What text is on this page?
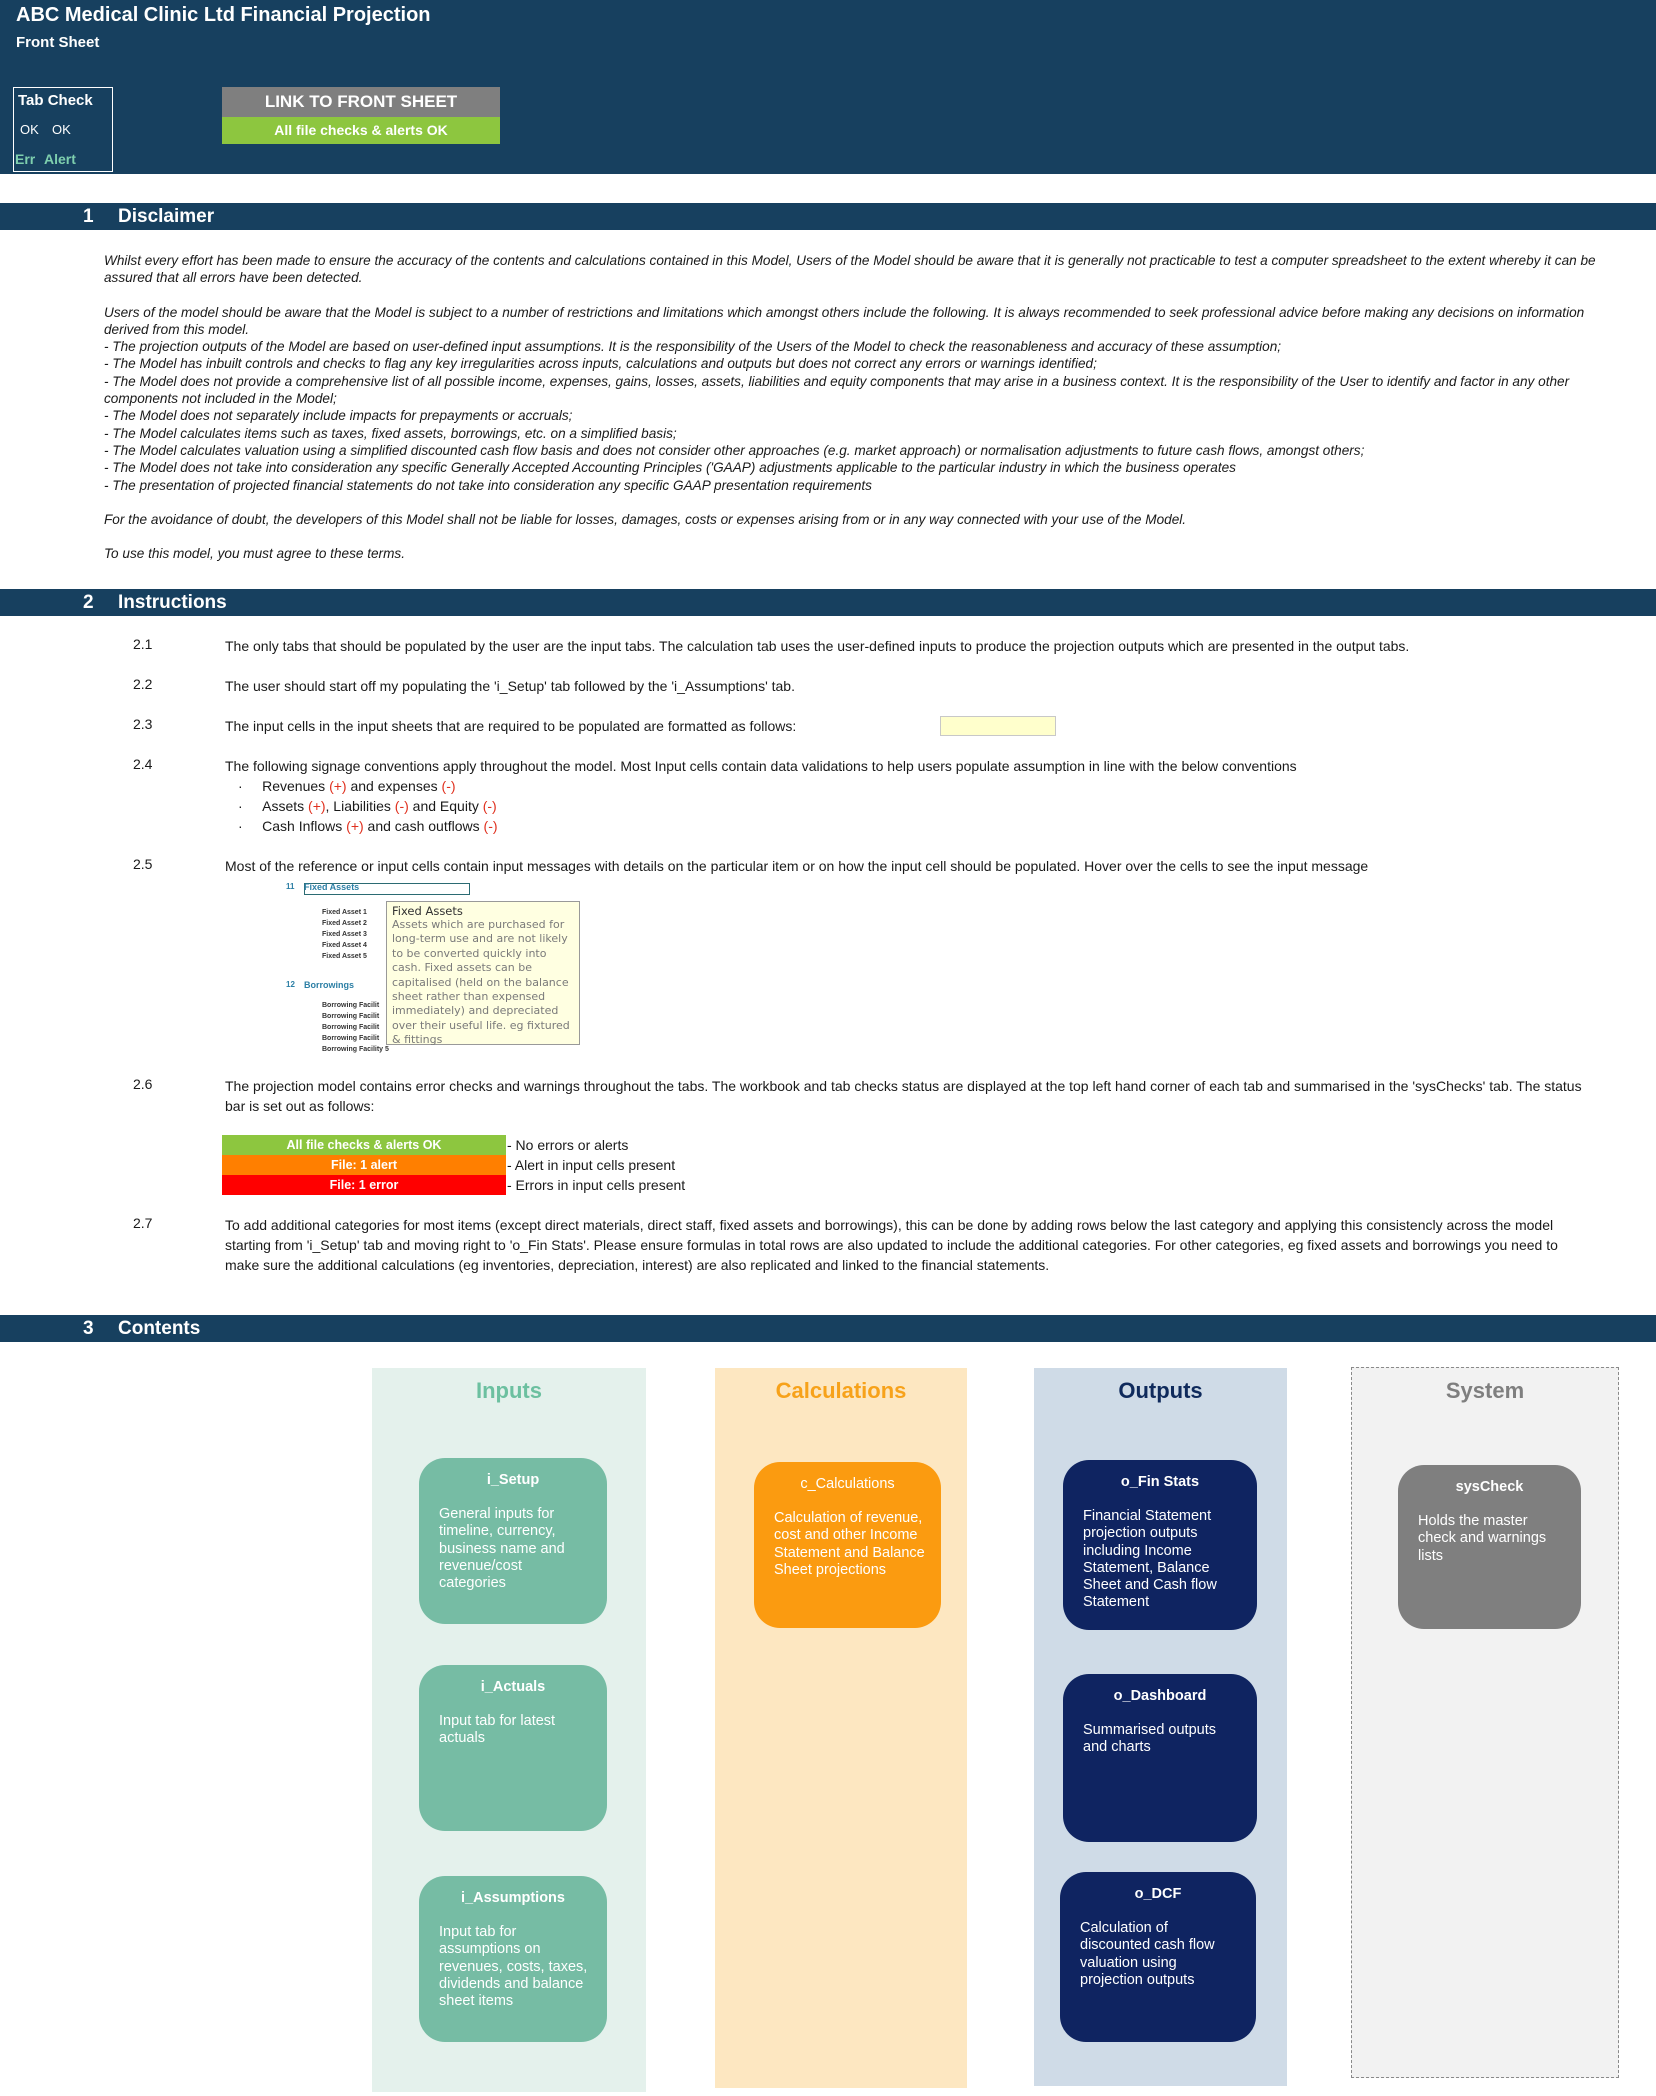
ABC Medical Clinic Ltd Financial Projection
Front Sheet
Tab Check
OK OK
Err Alert
LINK TO FRONT SHEET
All file checks & alerts OK
1 Disclaimer

Whilst every effort has been made to ensure the accuracy of the contents and calculations contained in this Model, Users of the Model should be aware that it is generally not practicable to test a computer spreadsheet to the extent whereby it can be assured that all errors have been detected.

Users of the model should be aware that the Model is subject to a number of restrictions and limitations which amongst others include the following. It is always recommended to seek professional advice before making any decisions on information derived from this model.

- The projection outputs of the Model are based on user-defined input assumptions. It is the responsibility of the Users of the Model to check the reasonableness and accuracy of these assumption;
- The Model has inbuilt controls and checks to flag any key irregularities across inputs, calculations and outputs but does not correct any errors or warnings identified;
- The Model does not provide a comprehensive list of all possible income, expenses, gains, losses, assets, liabilities and equity components that may arise in a business context. It is the responsibility of the User to identify and factor in any other components not included in the Model;
- The Model does not separately include impacts for prepayments or accruals;
- The Model calculates items such as taxes, fixed assets, borrowings, etc. on a simplified basis;
- The Model calculates valuation using a simplified discounted cash flow basis and does not consider other approaches (e.g. market approach) or normalisation adjustments to future cash flows, amongst others;
- The Model does not take into consideration any specific Generally Accepted Accounting Principles ('GAAP) adjustments applicable to the particular industry in which the business operates
- The presentation of projected financial statements do not take into consideration any specific GAAP presentation requirements

For the avoidance of doubt, the developers of this Model shall not be liable for losses, damages, costs or expenses arising from or in any way connected with your use of the Model.

To use this model, you must agree to these terms.

2 Instructions
2.1	The only tabs that should be populated by the user are the input tabs. The calculation tab uses the user-defined inputs to produce the projection outputs which are presented in the output tabs.
2.2	The user should start off my populating the 'i_Setup' tab followed by the 'i_Assumptions' tab.
2.3	The input cells in the input sheets that are required to be populated are formatted as follows:
2.4	The following signage conventions apply throughout the model. Most Input cells contain data validations to help users populate assumption in line with the below conventions
·     Revenues (+) and expenses (-)
·     Assets (+), Liabilities (-) and Equity (-)
·     Cash Inflows (+) and cash outflows (-)
2.5	Most of the reference or input cells contain input messages with details on the particular item or on how the input cell should be populated. Hover over the cells to see the input message
11 Fixed Assets
Fixed Asset 1
Fixed Asset 2
Fixed Asset 3
Fixed Asset 4
Fixed Asset 5
12 Borrowings
Borrowing Facilit
Borrowing Facilit
Borrowing Facilit
Borrowing Facilit
Borrowing Facility 5
Fixed Assets
Assets which are purchased for long-term use and are not likely to be converted quickly into cash. Fixed assets can be capitalised (held on the balance sheet rather than expensed immediately) and depreciated over their useful life. eg fixtured & fittings
2.6	The projection model contains error checks and warnings throughout the tabs. The workbook and tab checks status are displayed at the top left hand corner of each tab and summarised in the 'sysChecks' tab. The status bar is set out as follows:
All file checks & alerts OK	- No errors or alerts
File: 1 alert	- Alert in input cells present
File: 1 error	- Errors in input cells present
2.7	To add additional categories for most items (except direct materials, direct staff, fixed assets and borrowings), this can be done by adding rows below the last category and applying this consistencly across the model starting from 'i_Setup' tab and moving right to 'o_Fin Stats'. Please ensure formulas in total rows are also updated to include the additional categories. For other categories, eg fixed assets and borrowings you need to make sure the additional calculations (eg inventories, depreciation, interest) are also replicated and linked to the financial statements.
3 Contents
Inputs
i_Setup
General inputs for timeline, currency, business name and revenue/cost categories
i_Actuals
Input tab for latest actuals
i_Assumptions
Input tab for assumptions on revenues, costs, taxes, dividends and balance sheet items
Calculations
c_Calculations
Calculation of revenue, cost and other Income Statement and Balance Sheet projections
Outputs
o_Fin Stats
Financial Statement projection outputs including Income Statement, Balance Sheet and Cash flow Statement
o_Dashboard
Summarised outputs and charts
o_DCF
Calculation of discounted cash flow valuation using projection outputs
System
sysCheck
Holds the master check and warnings lists
